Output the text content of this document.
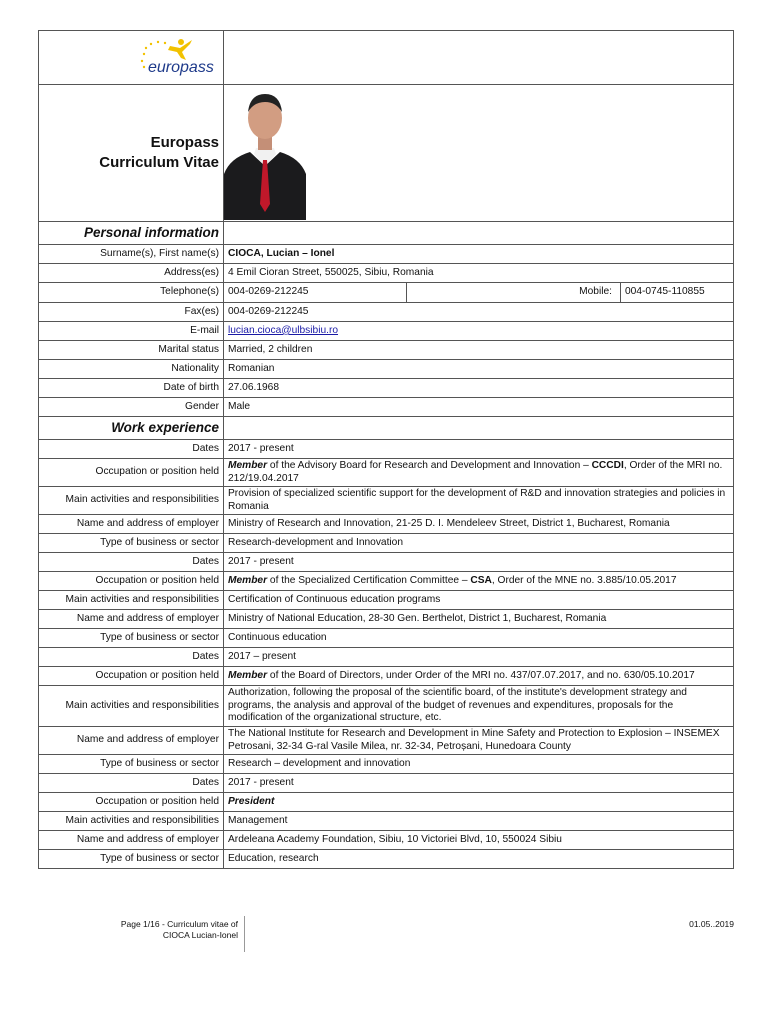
europass

Europass
Curriculum Vitae	

Personal information	
Surname(s), First name(s)	CIOCA, Lucian – Ionel
Address(es)	4 Emil Cioran Street, 550025, Sibiu, Romania
Telephone(s)	004-0269-212245 Mobile: 004-0745-110855

Fax(es)	004-0269-212245
E-mail	lucian.cioca@ulbsibiu.ro
Marital status	Married, 2 children
Nationality	Romanian
Date of birth	27.06.1968
Gender	Male
Work experience	
Dates	2017 - present
Occupation or position held	Member of the Advisory Board for Research and Development and Innovation – CCCDI, Order of the MRI no. 212/19.04.2017
Main activities and responsibilities	Provision of specialized scientific support for the development of R&D and innovation strategies and policies in Romania
Name and address of employer	Ministry of Research and Innovation, 21-25 D. I. Mendeleev Street, District 1, Bucharest, Romania
Type of business or sector	Research-development and Innovation
Dates	2017 - present
Occupation or position held	Member of the Specialized Certification Committee – CSA, Order of the MNE no. 3.885/10.05.2017
Main activities and responsibilities	Certification of Continuous education programs
Name and address of employer	Ministry of National Education, 28-30 Gen. Berthelot, District 1, Bucharest, Romania
Type of business or sector	Continuous education
Dates	2017 – present
Occupation or position held	Member of the Board of Directors, under Order of the MRI no. 437/07.07.2017, and no. 630/05.10.2017
Main activities and responsibilities	Authorization, following the proposal of the scientific board, of the institute's development strategy and programs, the analysis and approval of the budget of revenues and expenditures, proposals for the modification of the organizational structure, etc.
Name and address of employer	The National Institute for Research and Development in Mine Safety and Protection to Explosion – INSEMEX Petrosani, 32-34 G-ral Vasile Milea, nr. 32-34, Petroșani, Hunedoara County
Type of business or sector	Research – development and innovation
Dates	2017 - present
Occupation or position held	President
Main activities and responsibilities	Management
Name and address of employer	Ardeleana Academy Foundation, Sibiu, 10 Victoriei Blvd, 10, 550024 Sibiu
Type of business or sector	Education, research
Page 1/16 - Curriculum vitae of
CIOCA Lucian-Ionel
01.05..2019
